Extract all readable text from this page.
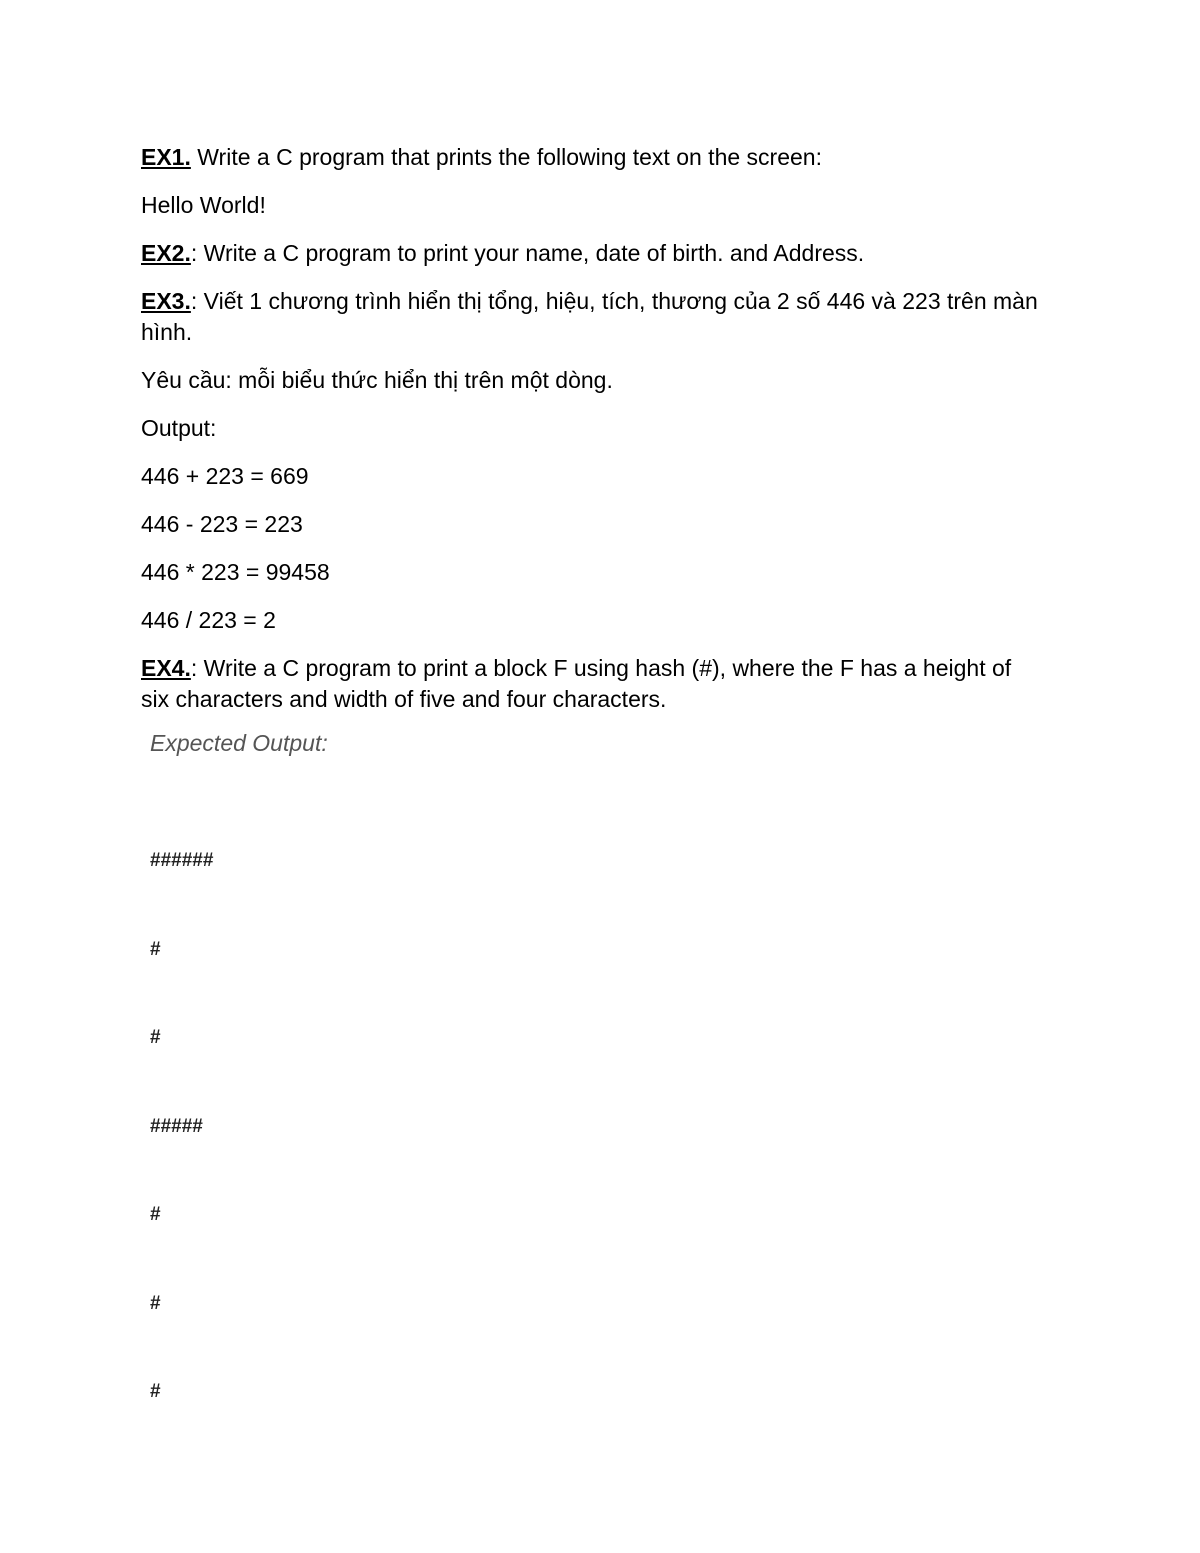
EX1. Write a C program that prints the following text on the screen:

Hello World!

EX2.: Write a C program to print your name, date of birth. and Address.

EX3.: Viết 1 chương trình hiển thị tổng, hiệu, tích, thương của 2 số 446 và 223 trên màn hình.

Yêu cầu: mỗi biểu thức hiển thị trên một dòng.

Output:

446 + 223 = 669

446 - 223 = 223

446 * 223 = 99458

446 / 223 = 2

EX4.: Write a C program to print a block F using hash (#), where the F has a height of six characters and width of five and four characters.

Expected Output:

######

#

#

#####

#

#

#
